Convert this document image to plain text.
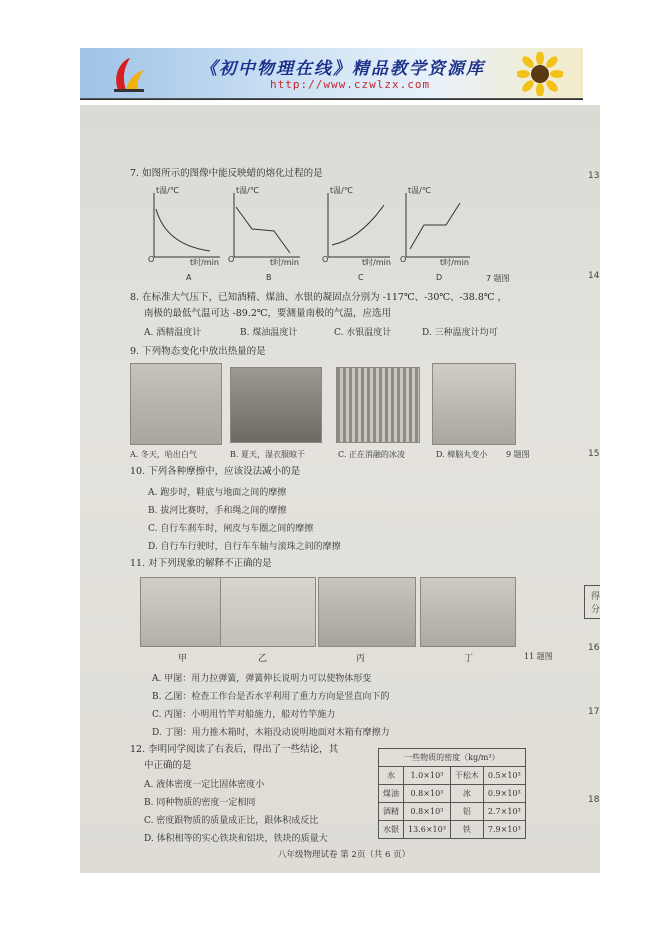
《初中物理在线》精品教学资源库
http://www.czwlzx.com
7. 如图所示的图像中能反映蜡的熔化过程的是
t温/℃	t温/℃	t温/℃	t温/℃
t时/min	t时/min	t时/min	t时/min
O	O	O	O
A	B	C	D	7 题图
8. 在标准大气压下，已知酒精、煤油、水银的凝固点分别为 -117℃、-30℃、-38.8℃ ，
南极的最低气温可达 -89.2℃，要测量南极的气温，应选用
A. 酒精温度计	B. 煤油温度计	C. 水银温度计	D. 三种温度计均可
9. 下列物态变化中放出热量的是
A. 冬天，哈出白气	B. 夏天，湿衣服晾干	C. 正在消融的冰凌	D. 樟脑丸变小 9 题图
10. 下列各种摩擦中，应该设法减小的是
A. 跑步时，鞋底与地面之间的摩擦
B. 拔河比赛时，手和绳之间的摩擦
C. 自行车刹车时，闸皮与车圈之间的摩擦
D. 自行车行驶时，自行车车轴与滚珠之间的摩擦
11. 对下列现象的解释不正确的是
甲	乙	丙	丁	11 题图
A. 甲图：用力拉弹簧，弹簧伸长说明力可以使物体形变
B. 乙图：检查工作台是否水平利用了重力方向是竖直向下的
C. 丙图：小明用竹竿对船施力，船对竹竿施力
D. 丁图：用力推木箱时，木箱没动说明地面对木箱有摩擦力
12. 李明同学阅读了右表后，得出了一些结论，其
中正确的是
A. 液体密度一定比固体密度小
B. 同种物质的密度一定相同
C. 密度跟物质的质量成正比，跟体积成反比
D. 体积相等的实心铁块和铝块，铁块的质量大
一些物质的密度（kg/m³）			
水	1.0×10³	干松木	0.5×10³
煤油	0.8×10³	冰	0.9×10³
酒精	0.8×10³	铝	2.7×10³
水银	13.6×10³	铁	7.9×10³
八年级物理试卷 第 2页（共 6 页）
13
14
15
得分
16
17
18
